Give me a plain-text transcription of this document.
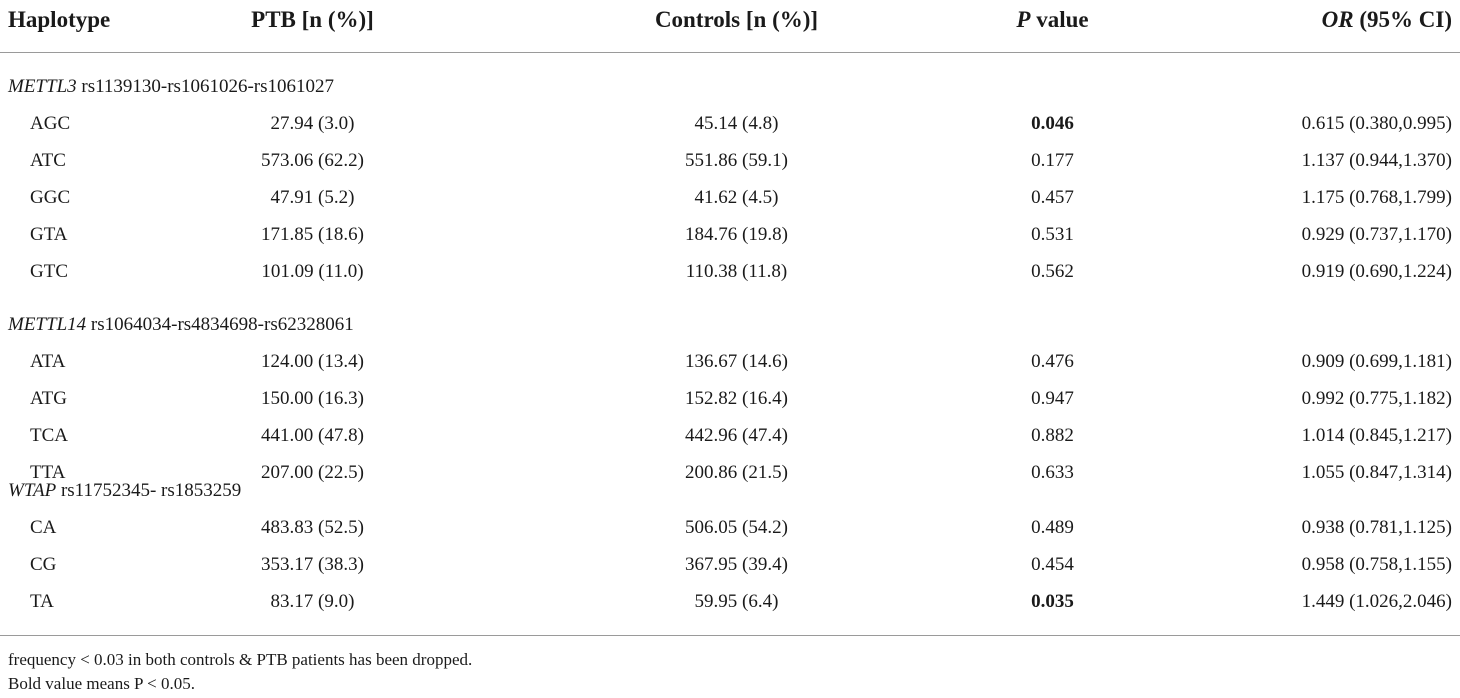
Haplotype	PTB [n (%)]	Controls [n (%)]	P value	OR (95% CI)
METTL3 rs1139130-rs1061026-rs1061027
AGC	27.94 (3.0)	45.14 (4.8)	0.046	0.615 (0.380,0.995)
ATC	573.06 (62.2)	551.86 (59.1)	0.177	1.137 (0.944,1.370)
GGC	47.91 (5.2)	41.62 (4.5)	0.457	1.175 (0.768,1.799)
GTA	171.85 (18.6)	184.76 (19.8)	0.531	0.929 (0.737,1.170)
GTC	101.09 (11.0)	110.38 (11.8)	0.562	0.919 (0.690,1.224)
METTL14 rs1064034-rs4834698-rs62328061
ATA	124.00 (13.4)	136.67 (14.6)	0.476	0.909 (0.699,1.181)
ATG	150.00 (16.3)	152.82 (16.4)	0.947	0.992 (0.775,1.182)
TCA	441.00 (47.8)	442.96 (47.4)	0.882	1.014 (0.845,1.217)
TTA	207.00 (22.5)	200.86 (21.5)	0.633	1.055 (0.847,1.314)
WTAP rs11752345- rs1853259
CA	483.83 (52.5)	506.05 (54.2)	0.489	0.938 (0.781,1.125)
CG	353.17 (38.3)	367.95 (39.4)	0.454	0.958 (0.758,1.155)
TA	83.17 (9.0)	59.95 (6.4)	0.035	1.449 (1.026,2.046)
frequency < 0.03 in both controls & PTB patients has been dropped.
Bold value means P < 0.05.
